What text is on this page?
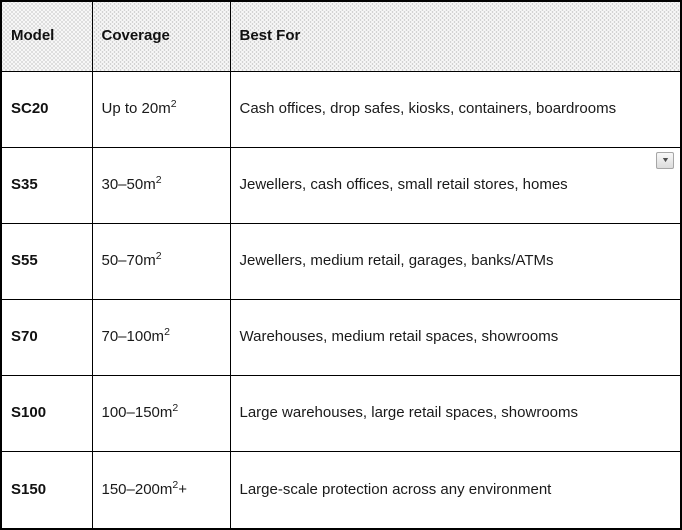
Model	Coverage	Best For
SC20	Up to $20m^2$	Cash offices, drop safes, kiosks, containers, boardrooms
S35	$30-50m^2$	Jewellers, cash offices, small retail stores, homes
S55	$50-70m^2$	Jewellers, medium retail, garages, banks/ATMs
S70	$70-100m^2$	Warehouses, medium retail spaces, showrooms
S100	$100-150m^2$	Large warehouses, large retail spaces, showrooms
S150	$150-200m^2+$	Large-scale protection across any environment
▼
